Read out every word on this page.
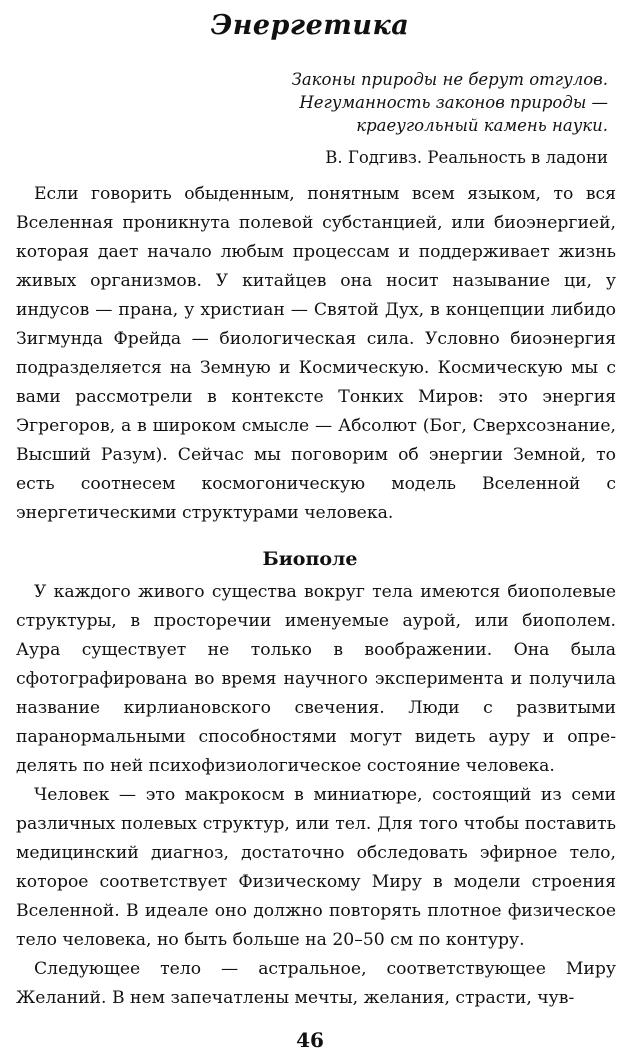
Энергетика
Законы природы не берут отгулов.
Негуманность законов природы —
краеугольный камень науки.
В. Годгивз. Реальность в ладони

Если говорить обыденным, понятным всем языком, то вся Вселенная проникнута полевой субстанцией, или биоэнергией, которая дает начало любым процессам и поддерживает жизнь живых организмов. У китайцев она носит называние ци, у индусов — прана, у христиан — Святой Дух, в концепции либидо Зигмунда Фрейда — биологическая сила. Условно биоэнергия подразделяется на Земную и Космическую. Космическую мы с вами рассмотрели в контексте Тонких Миров: это энергия Эгрегоров, а в широком смысле — Абсолют (Бог, Сверхсознание, Высший Разум). Сейчас мы поговорим об энергии Земной, то есть соотнесем космогоническую модель Вселенной с энергетическими структурами человека.

Биополе

У каждого живого существа вокруг тела имеются биополевые структуры, в просторечии именуемые аурой, или биополем. Аура существует не только в воображении. Она была сфотографирована во время научного эксперимента и получила название кирлиановского свечения. Люди с развитыми паранормальными способностями могут видеть ауру и определять по ней психофизиологическое состояние человека.

Человек — это макрокосм в миниатюре, состоящий из семи различных полевых структур, или тел. Для того чтобы поставить медицинский диагноз, достаточно обследовать эфирное тело, которое соответствует Физическому Миру в модели строения Вселенной. В идеале оно должно повторять плотное физическое тело человека, но быть больше на 20–50 см по контуру.

Следующее тело — астральное, соответствующее Миру Желаний. В нем запечатлены мечты, желания, страсти, чув-

46
